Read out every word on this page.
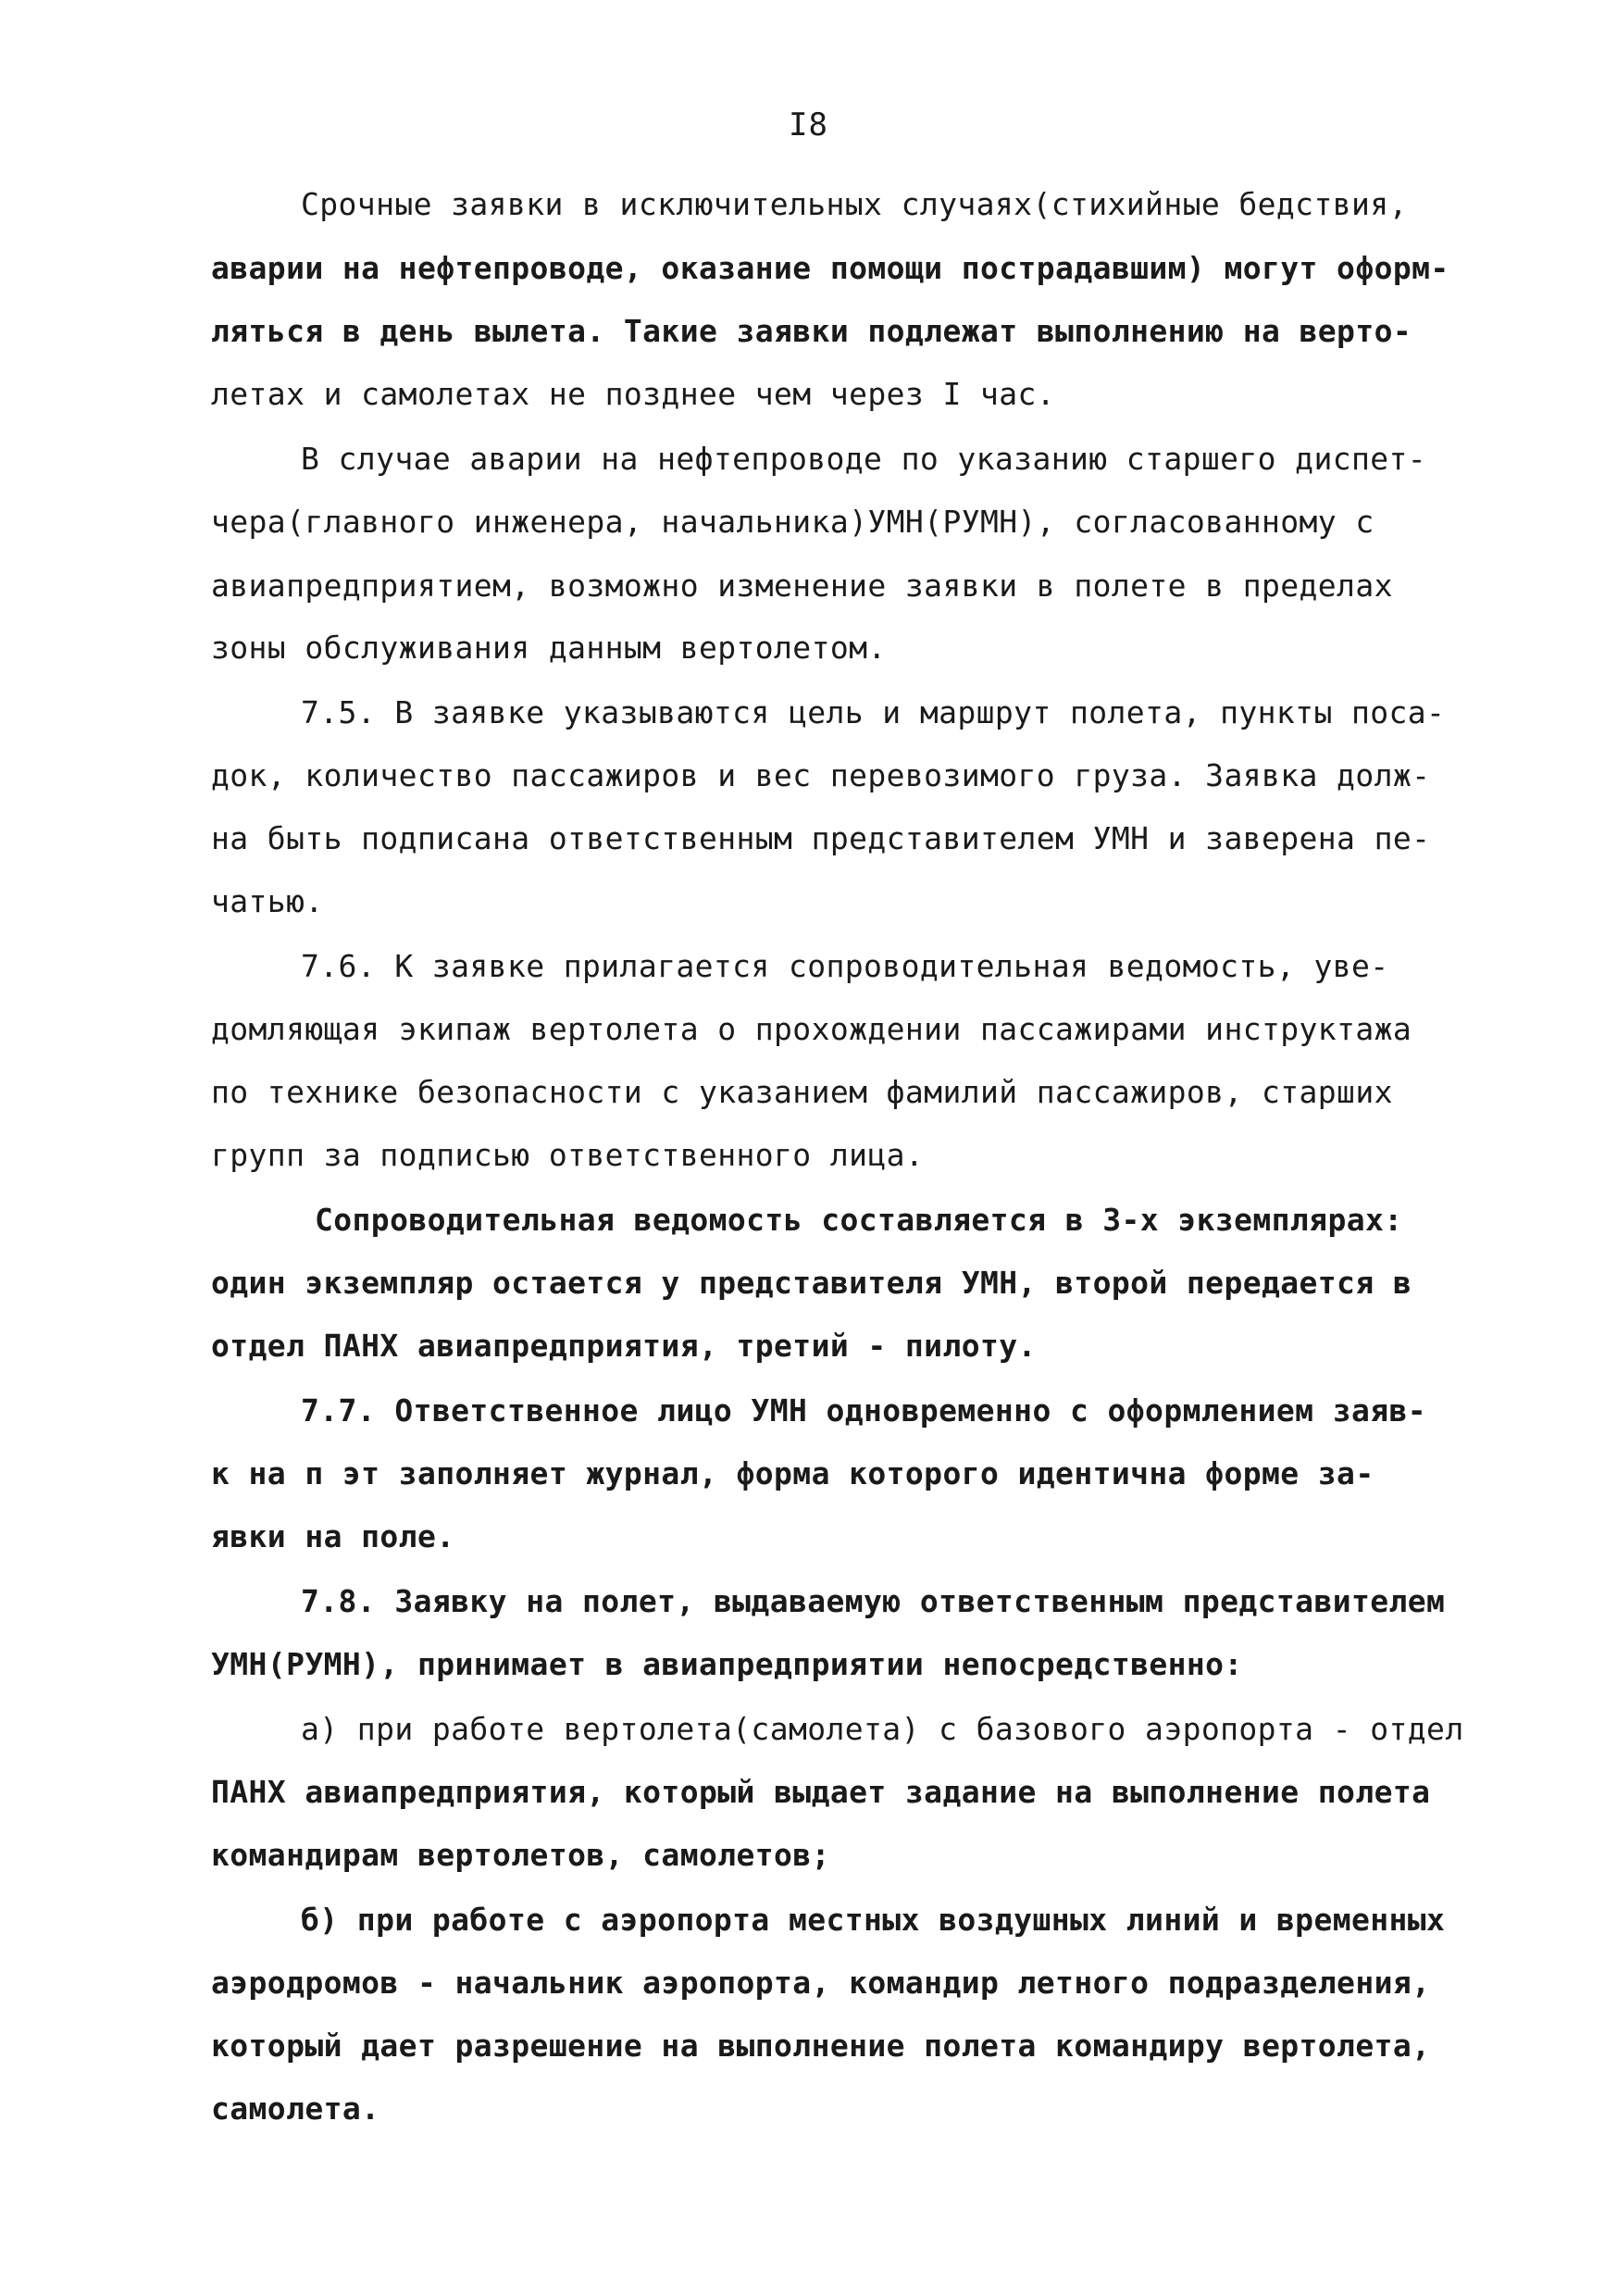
I8
Срочные заявки в исключительных случаях(стихийные бедствия,
аварии на нефтепроводе, оказание помощи пострадавшим) могут оформ-
ляться в день вылета. Такие заявки подлежат выполнению на верто-
летах и самолетах не позднее чем через I час.
В случае аварии на нефтепроводе по указанию старшего диспет-
чера(главного инженера, начальника)УМН(РУМН), согласованному с
авиапредприятием, возможно изменение заявки в полете в пределах
зоны обслуживания данным вертолетом.
7.5. В заявке указываются цель и маршрут полета, пункты поса-
док, количество пассажиров и вес перевозимого груза. Заявка долж-
на быть подписана ответственным представителем УМН и заверена пе-
чатью.
7.6. К заявке прилагается сопроводительная ведомость, уве-
домляющая экипаж вертолета о прохождении пассажирами инструктажа
по технике безопасности с указанием фамилий пассажиров, старших
групп за подписью ответственного лица.
Сопроводительная ведомость составляется в 3-х экземплярах:
один экземпляр остается у представителя УМН, второй передается в
отдел ПАНХ авиапредприятия, третий - пилоту.
7.7. Ответственное лицо УМН одновременно с оформлением заяв-
к на п эт заполняет журнал, форма которого идентична форме за-
явки на поле.
7.8. Заявку на полет, выдаваемую ответственным представителем
УМН(РУМН), принимает в авиапредприятии непосредственно:
а) при работе вертолета(самолета) с базового аэропорта - отдел
ПАНХ авиапредприятия, который выдает задание на выполнение полета
командирам вертолетов, самолетов;
б) при работе с аэропорта местных воздушных линий и временных
аэродромов - начальник аэропорта, командир летного подразделения,
который дает разрешение на выполнение полета командиру вертолета,
самолета.
